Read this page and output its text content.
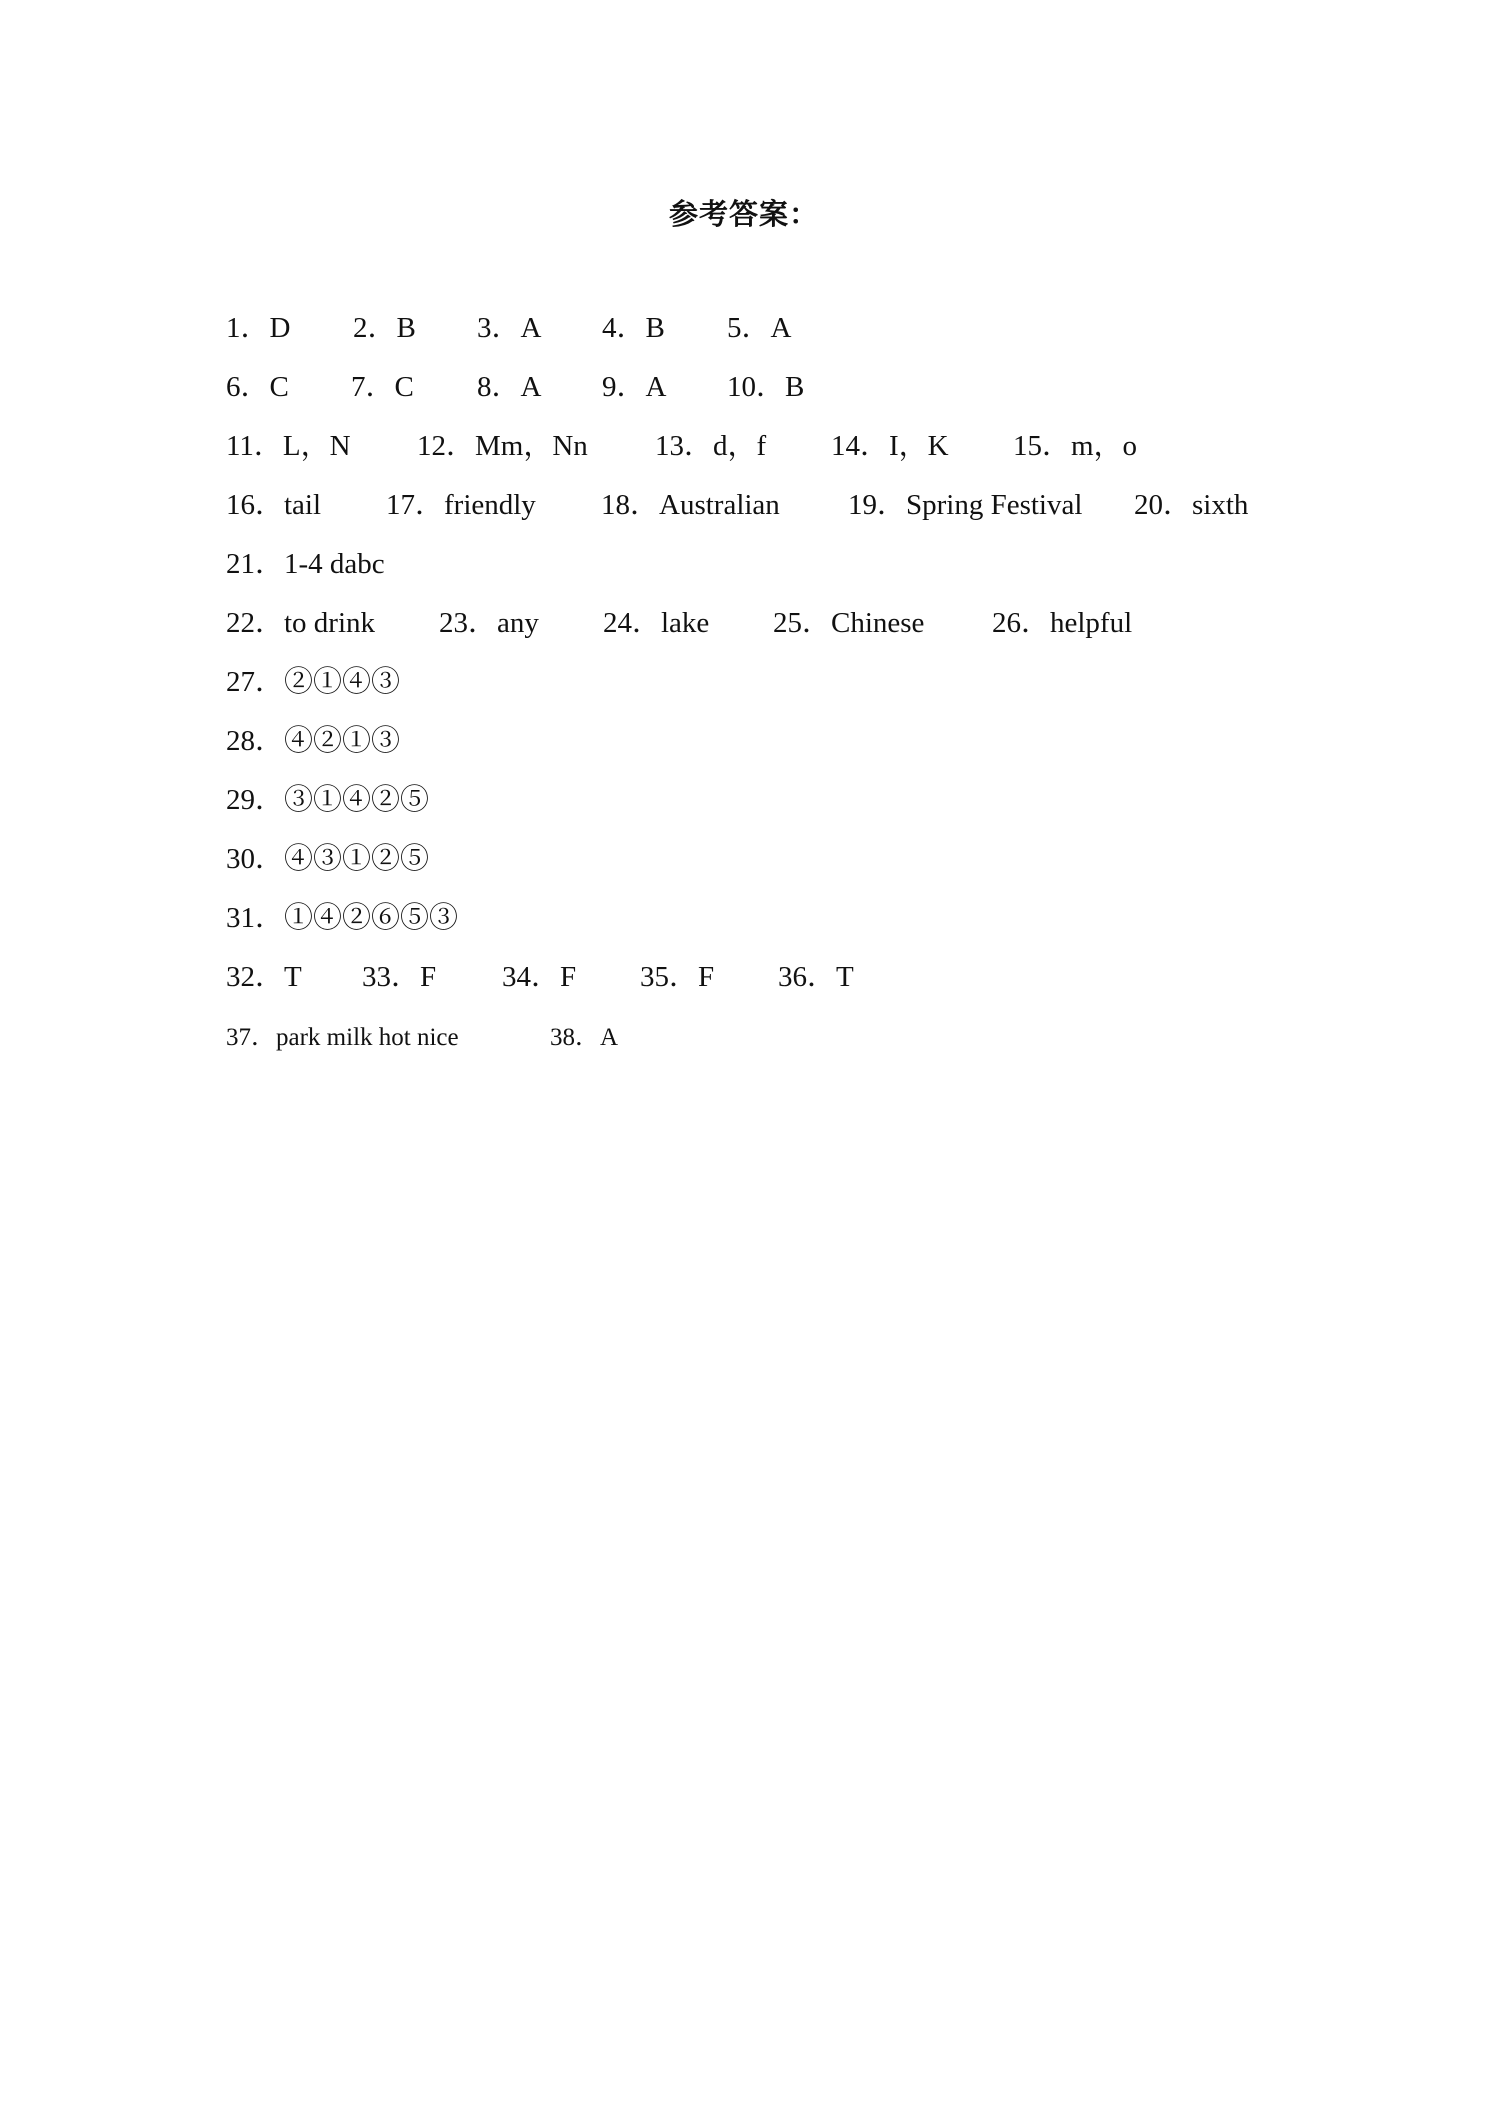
参考答案：
1．D 2．B 3．A 4．B 5．A
6．C 7．C 8．A 9．A 10．B
11．L，N 12．Mm，Nn 13．d，f 14．I，K 15．m，o
16．tail 17．friendly 18．Australian 19．Spring Festival 20．sixth
21．1-4 dabc
22．to drink 23．any 24．lake 25．Chinese 26．helpful
27．②①④③
28．④②①③
29．③①④②⑤
30．④③①②⑤
31．①④②⑥⑤③
32．T 33．F 34．F 35．F 36．T
37．park milk hot nice	38．A
